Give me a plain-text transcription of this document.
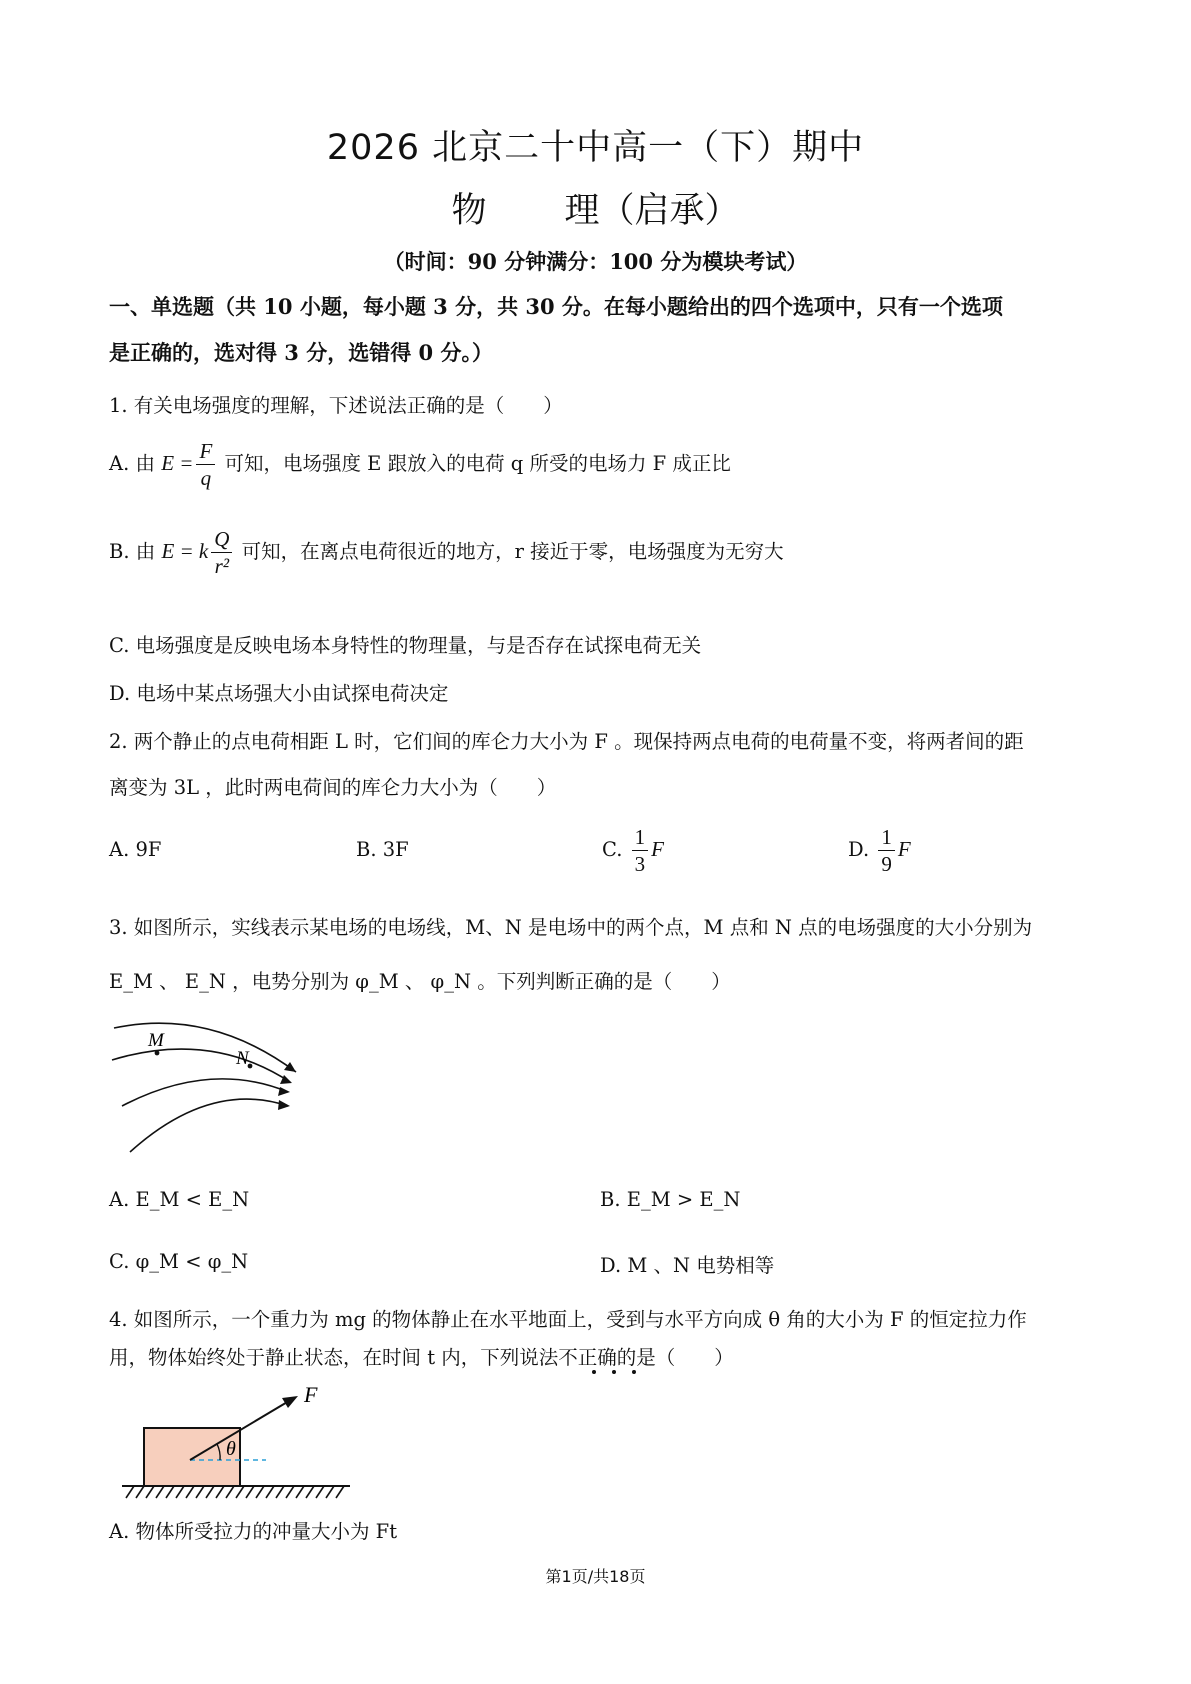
2026 北京二十中高一（下）期中
物 理（启承）
（时间：90 分钟满分：100 分为模块考试）
一、单选题（共 10 小题，每小题 3 分，共 30 分。在每小题给出的四个选项中，只有一个选项
是正确的，选对得 3 分，选错得 0 分。）
1. 有关电场强度的理解，下述说法正确的是（　　）
A. 由 $E = \frac{F}{q}$ 可知，电场强度 E 跟放入的电荷 q 所受的电场力 F 成正比
B. 由 E = k $\frac{Q}{\text{r²}}$ 可知，在离点电荷很近的地方，r 接近于零，电场强度为无穷大
C. 电场强度是反映电场本身特性的物理量，与是否存在试探电荷无关
D. 电场中某点场强大小由试探电荷决定
2. 两个静止的点电荷相距 L 时，它们间的库仑力大小为 F 。现保持两点电荷的电荷量不变，将两者间的距
离变为 3L ，此时两电荷间的库仑力大小为（　　）
A. 9F	B. 3F	C. $\frac{1}{3}$ F	D. $\frac{1}{9}$ F
3. 如图所示，实线表示某电场的电场线，M、N 是电场中的两个点，M 点和 N 点的电场强度的大小分别为
E_M 、 E_N ，电势分别为 φ_M 、 φ_N 。下列判断正确的是（　　）
M
N
A. E_M < E_N	B. E_M > E_N
C. φ_M < φ_N	D. M 、N 电势相等
4. 如图所示，一个重力为 mg 的物体静止在水平地面上，受到与水平方向成 θ 角的大小为 F 的恒定拉力作
用，物体始终处于静止状态，在时间 t 内，下列说法不正确的是（　　）
F
θ
A. 物体所受拉力的冲量大小为 Ft
第1页/共18页
